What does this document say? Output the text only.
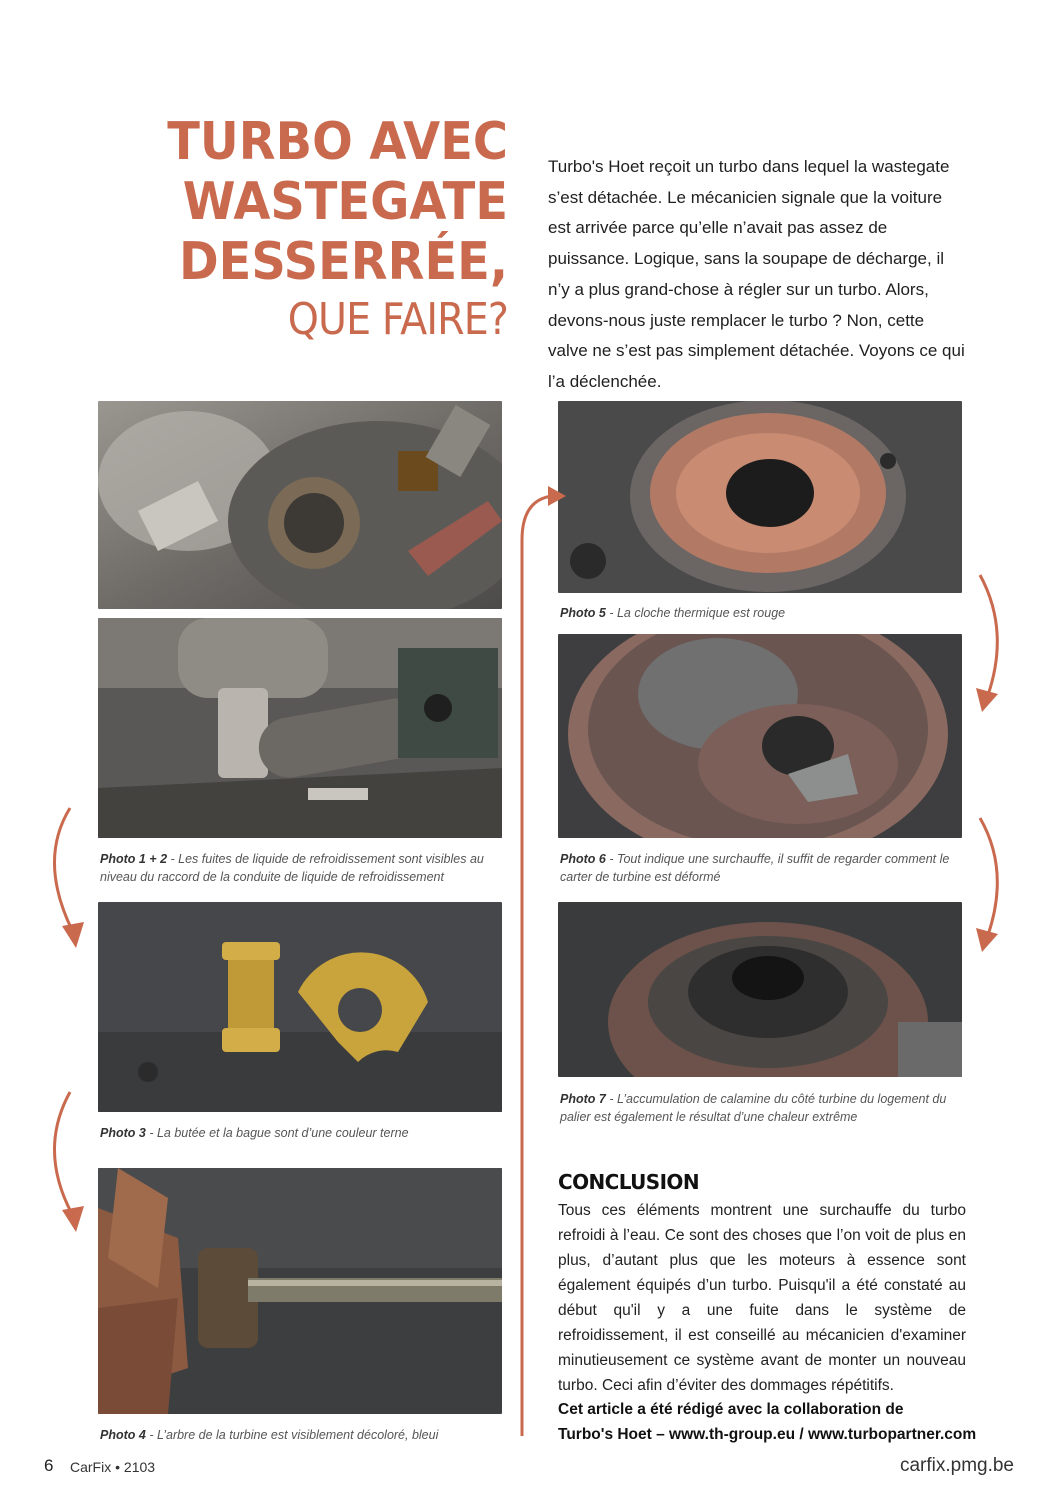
TURBO AVEC
WASTEGATE
DESSERRÉE,
QUE FAIRE?
Turbo's Hoet reçoit un turbo dans lequel la wastegate s’est détachée. Le mécanicien signale que la voiture est arrivée parce qu’elle n’avait pas assez de puissance. Logique, sans la soupape de décharge, il n’y a plus grand-chose à régler sur un turbo. Alors, devons-nous juste remplacer le turbo ? Non, cette valve ne s’est pas simplement détachée. Voyons ce qui l’a déclenchée.
Photo 1 + 2 - Les fuites de liquide de refroidissement sont visibles au niveau du raccord de la conduite de liquide de refroidissement
Photo 3 - La butée et la bague sont d’une couleur terne
Photo 4 - L’arbre de la turbine est visiblement décoloré, bleui
Photo 5 - La cloche thermique est rouge
Photo 6 - Tout indique une surchauffe, il suffit de regarder comment le carter de turbine est déformé
Photo 7 - L’accumulation de calamine du côté turbine du logement du palier est également le résultat d’une chaleur extrême
CONCLUSION
Tous ces éléments montrent une surchauffe du turbo refroidi à l’eau. Ce sont des choses que l’on voit de plus en plus, d’autant plus que les moteurs à essence sont également équipés d’un turbo. Puisqu'il a été constaté au début qu'il y a une fuite dans le système de refroidissement, il est conseillé au mécanicien d'examiner minutieusement ce système avant de monter un nouveau turbo. Ceci afin d’éviter des dommages répétitifs.
Cet article a été rédigé avec la collaboration de
Turbo's Hoet – www.th-group.eu / www.turbopartner.com
6 CarFix • 2103	carfix.pmg.be
